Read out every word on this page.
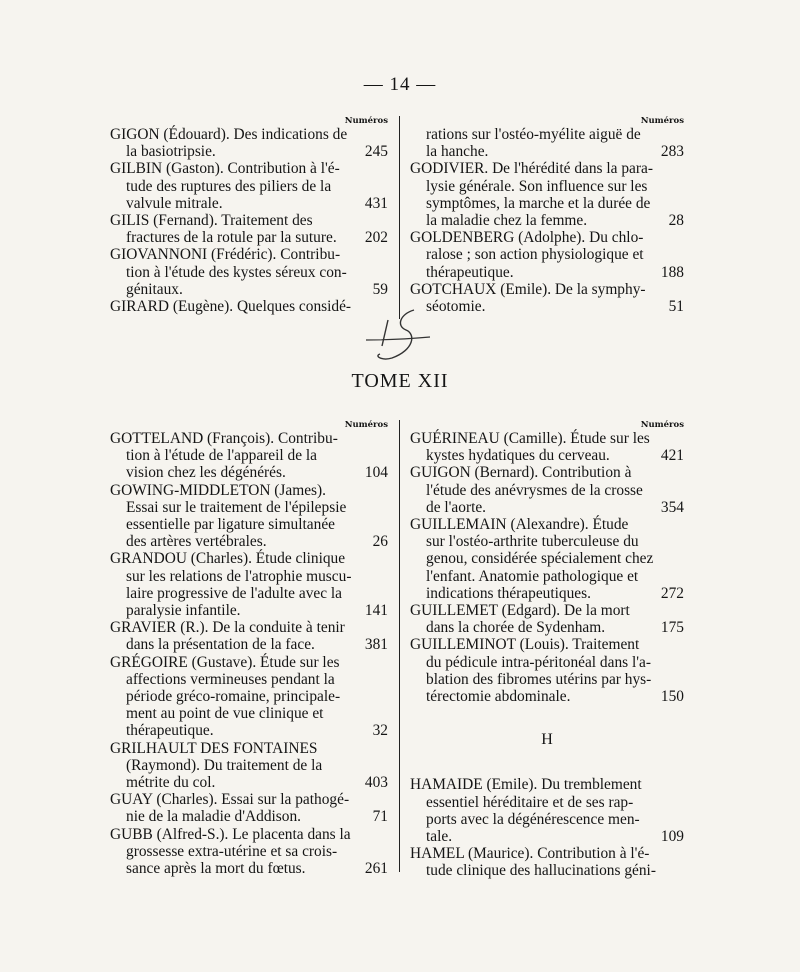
— 14 —
Numéros
GIGON (Édouard). Des indications de
la basiotripsie.	245
GILBIN (Gaston). Contribution à l'é-
tude des ruptures des piliers de la
valvule mitrale.	431
GILIS (Fernand). Traitement des
fractures de la rotule par la suture.	202
GIOVANNONI (Frédéric). Contribu-
tion à l'étude des kystes séreux con-
génitaux.	59
GIRARD (Eugène). Quelques considé-
Numéros
rations sur l'ostéo-myélite aiguë de
la hanche.	283
GODIVIER. De l'hérédité dans la para-
lysie générale. Son influence sur les
symptômes, la marche et la durée de
la maladie chez la femme.	28
GOLDENBERG (Adolphe). Du chlo-
ralose ; son action physiologique et
thérapeutique.	188
GOTCHAUX (Emile). De la symphy-
séotomie.	51
TOME XII
Numéros
GOTTELAND (François). Contribu-
tion à l'étude de l'appareil de la
vision chez les dégénérés.	104
GOWING-MIDDLETON (James).
Essai sur le traitement de l'épilepsie
essentielle par ligature simultanée
des artères vertébrales.	26
GRANDOU (Charles). Étude clinique
sur les relations de l'atrophie muscu-
laire progressive de l'adulte avec la
paralysie infantile.	141
GRAVIER (R.). De la conduite à tenir
dans la présentation de la face.	381
GRÉGOIRE (Gustave). Étude sur les
affections vermineuses pendant la
période gréco-romaine, principale-
ment au point de vue clinique et
thérapeutique.	32
GRILHAULT DES FONTAINES
(Raymond). Du traitement de la
métrite du col.	403
GUAY (Charles). Essai sur la pathogé-
nie de la maladie d'Addison.	71
GUBB (Alfred-S.). Le placenta dans la
grossesse extra-utérine et sa crois-
sance après la mort du fœtus.	261
Numéros
GUÉRINEAU (Camille). Étude sur les
kystes hydatiques du cerveau.	421
GUIGON (Bernard). Contribution à
l'étude des anévrysmes de la crosse
de l'aorte.	354
GUILLEMAIN (Alexandre). Étude
sur l'ostéo-arthrite tuberculeuse du
genou, considérée spécialement chez
l'enfant. Anatomie pathologique et
indications thérapeutiques.	272
GUILLEMET (Edgard). De la mort
dans la chorée de Sydenham.	175
GUILLEMINOT (Louis). Traitement
du pédicule intra-péritonéal dans l'a-
blation des fibromes utérins par hys-
térectomie abdominale.	150
H
HAMAIDE (Emile). Du tremblement
essentiel héréditaire et de ses rap-
ports avec la dégénérescence men-
tale.	109
HAMEL (Maurice). Contribution à l'é-
tude clinique des hallucinations géni-
